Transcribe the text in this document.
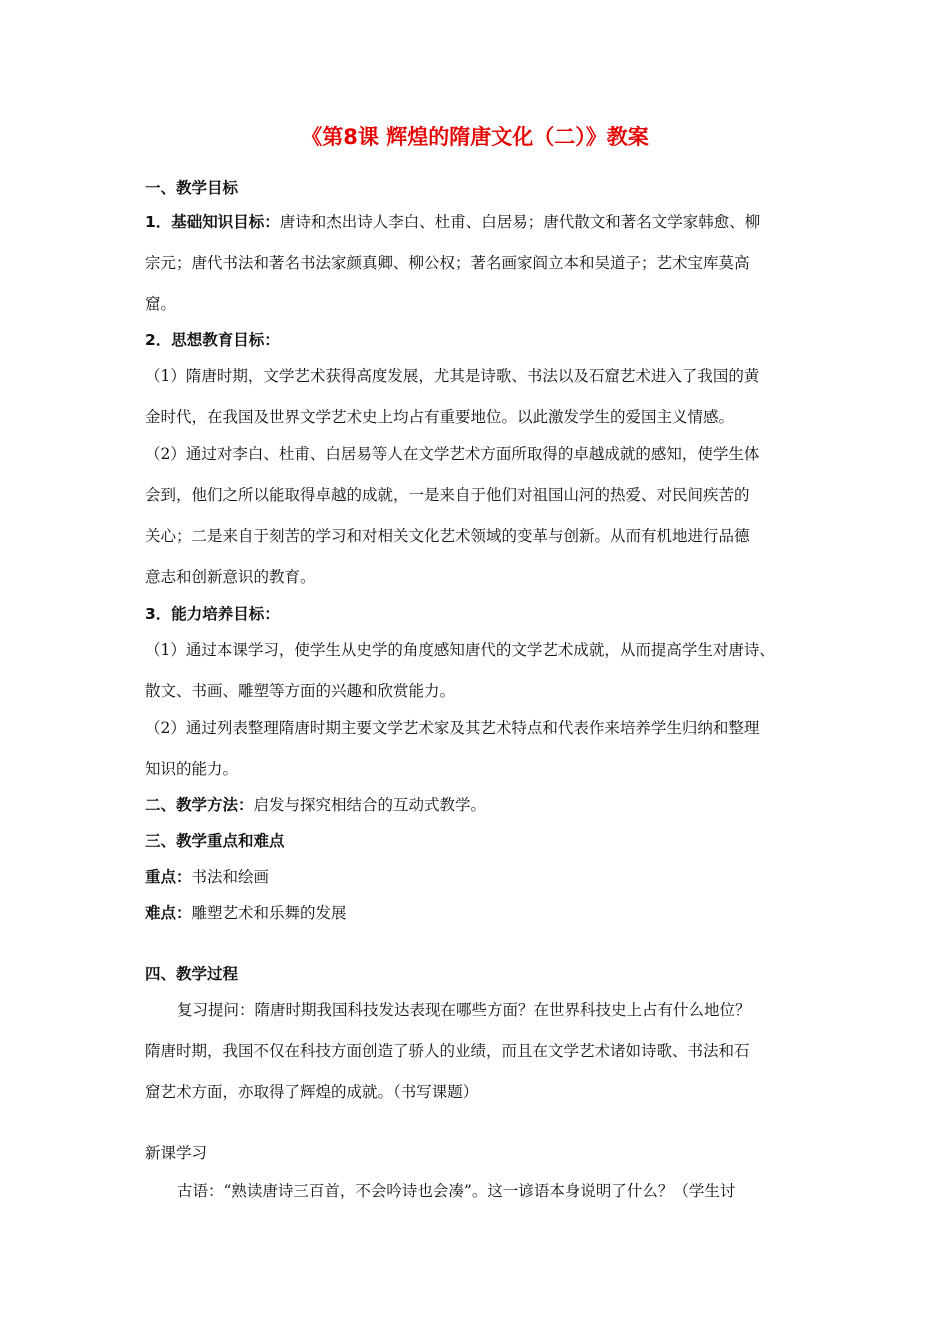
《第8课 辉煌的隋唐文化（二）》教案
一、教学目标
1．基础知识目标：唐诗和杰出诗人李白、杜甫、白居易；唐代散文和著名文学家韩愈、柳
宗元；唐代书法和著名书法家颜真卿、柳公权；著名画家阎立本和吴道子；艺术宝库莫高
窟。
2．思想教育目标：
（1）隋唐时期，文学艺术获得高度发展，尤其是诗歌、书法以及石窟艺术进入了我国的黄
金时代，在我国及世界文学艺术史上均占有重要地位。以此激发学生的爱国主义情感。
（2）通过对李白、杜甫、白居易等人在文学艺术方面所取得的卓越成就的感知，使学生体
会到，他们之所以能取得卓越的成就，一是来自于他们对祖国山河的热爱、对民间疾苦的
关心；二是来自于刻苦的学习和对相关文化艺术领域的变革与创新。从而有机地进行品德
意志和创新意识的教育。
3．能力培养目标：
（1）通过本课学习，使学生从史学的角度感知唐代的文学艺术成就，从而提高学生对唐诗、
散文、书画、雕塑等方面的兴趣和欣赏能力。
（2）通过列表整理隋唐时期主要文学艺术家及其艺术特点和代表作来培养学生归纳和整理
知识的能力。
二、教学方法：启发与探究相结合的互动式教学。
三、教学重点和难点
重点：书法和绘画
难点：雕塑艺术和乐舞的发展
四、教学过程
复习提问：隋唐时期我国科技发达表现在哪些方面？在世界科技史上占有什么地位？
隋唐时期，我国不仅在科技方面创造了骄人的业绩，而且在文学艺术诸如诗歌、书法和石
窟艺术方面，亦取得了辉煌的成就。（书写课题）
新课学习
古语：“熟读唐诗三百首，不会吟诗也会凑”。这一谚语本身说明了什么？（学生讨
